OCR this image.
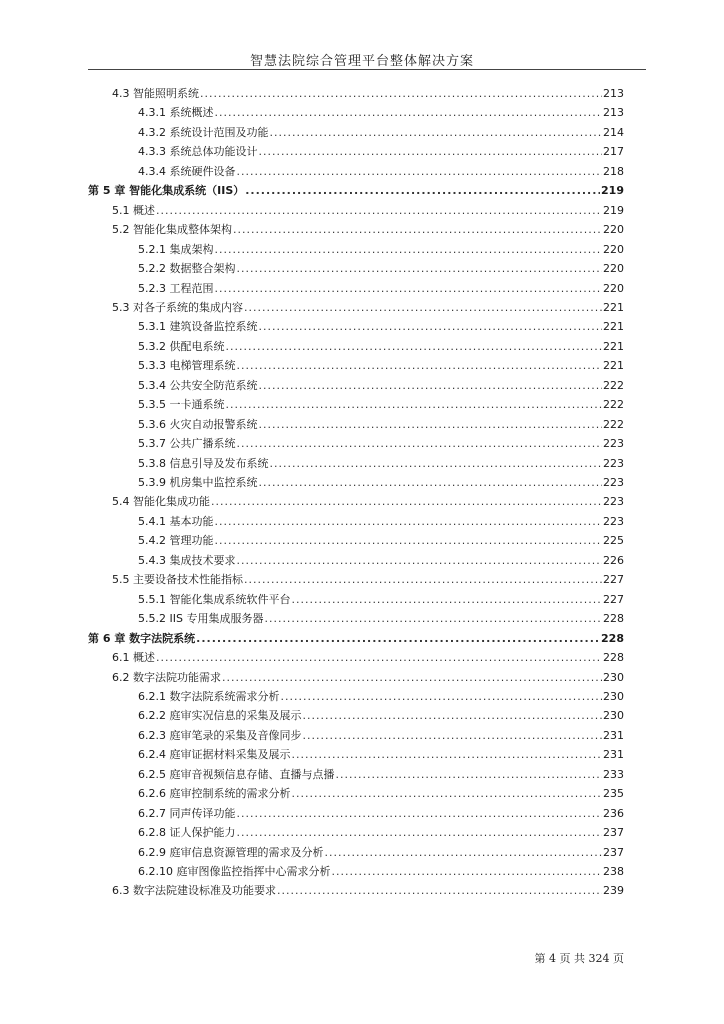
智慧法院综合管理平台整体解决方案
4.3 智能照明系统 .....	213
4.3.1 系统概述 .....	213
4.3.2 系统设计范围及功能 .....	214
4.3.3 系统总体功能设计 .....	217
4.3.4 系统硬件设备 .....	218
第 5 章 智能化集成系统（IIS） .....	219
5.1 概述 .....	219
5.2 智能化集成整体架构 .....	220
5.2.1 集成架构 .....	220
5.2.2 数据整合架构 .....	220
5.2.3 工程范围 .....	220
5.3 对各子系统的集成内容 .....	221
5.3.1 建筑设备监控系统 .....	221
5.3.2 供配电系统 .....	221
5.3.3 电梯管理系统 .....	221
5.3.4 公共安全防范系统 .....	222
5.3.5 一卡通系统 .....	222
5.3.6 火灾自动报警系统 .....	222
5.3.7 公共广播系统 .....	223
5.3.8 信息引导及发布系统 .....	223
5.3.9 机房集中监控系统 .....	223
5.4 智能化集成功能 .....	223
5.4.1 基本功能 .....	223
5.4.2 管理功能 .....	225
5.4.3 集成技术要求 .....	226
5.5 主要设备技术性能指标 .....	227
5.5.1 智能化集成系统软件平台 .....	227
5.5.2 IIS 专用集成服务器 .....	228
第 6 章 数字法院系统 .....	228
6.1 概述 .....	228
6.2 数字法院功能需求 .....	230
6.2.1 数字法院系统需求分析 .....	230
6.2.2 庭审实况信息的采集及展示 .....	230
6.2.3 庭审笔录的采集及音像同步 .....	231
6.2.4 庭审证据材料采集及展示 .....	231
6.2.5 庭审音视频信息存储、直播与点播 .....	233
6.2.6 庭审控制系统的需求分析 .....	235
6.2.7 同声传译功能 .....	236
6.2.8 证人保护能力 .....	237
6.2.9 庭审信息资源管理的需求及分析 .....	237
6.2.10 庭审图像监控指挥中心需求分析 .....	238
6.3 数字法院建设标准及功能要求 .....	239
第 4 页 共 324 页
